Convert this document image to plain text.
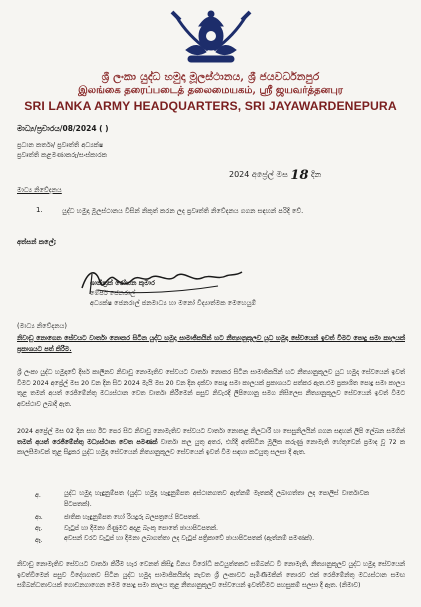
ශ්‍රී ලංකා යුද්ධ හමුදා මූලස්ථානය, ශ්‍රී ජයවර්ධනපුර
இலங்கை தரைப்படைத் தலைமையகம், ஸ்ரீ ஜயவர்த்தனபுர
SRI LANKA ARMY HEADQUARTERS, SRI JAYAWARDENEPURA
මාධ්‍ය/ප්‍රචාරය/08/2024 ( )
ප්‍රධාන කර්තෘ/ ප්‍රවෘත්ති අධ්‍යක්ෂ
ප්‍රවෘත්ති කළමණාකරු/සංස්කාරක
2024 අප්‍රේල් මස 18 දින
මාධ්‍ය නිවේදනය
1.	යුද්ධ හමුදා මූලස්ථානය විසින් නිකුත් කරන ලද ප්‍රවෘත්ති නිවේදනය ගගන සඳහන් පරිදි වේ.
අත්සන් කලේ;
ශාන්ත්‍රක් රෝහන කුමාර
මේජර් ජෙනරාල්
අධ්‍යක්ෂ ජෙනරාල් ජනමාධ්‍ය හා මනෝ විද්‍යාත්මක මෙහෙයුම්
(මාධ්‍ය නිවේදනය)
නිවාඩු නොගෙන සේවයට වාර්තා නොකර සිටින යුද්ධ හමුදා සාමාජිකයින් හට නීත්‍යානුකූලව යුධ හමුදා සේවයෙන් ඉවත් වීමට පොදු සමා කාලයක් ප්‍රකාශයට පත් කිරීම.
ශ්‍රී ලංකා යුද්ධ හමුදාවේ දීර්ඝ කාලීනව නිවාඩු නොමැතිව සේවයට වාර්තා නොකර සිටින සාමාජිකයින් හට නීත්‍යානුකූලව යුධ හමුදා සේවයෙන් ඉවත් වීමට 2024 අප්‍රේල් මස 20 වන දින සිට 2024 මැයි මස 20 වන දින දක්වා පොදු සමා කාලයක් ප්‍රකාශයට පත්කර ඇත.එම ප්‍රකාශිත පොදු සමා කාලය තුළ තමන් අයත් රෙජිමේන්තු මධ්‍යස්ථාන වෙත වාර්තා කිරීමෙන් පසුව නිවැරදි ලිපිගොනු සමග නිසිලෙස නීත්‍යානුකූලව සේවයෙන් ඉවත් වීමට අවස්ථාව ලබාදී ඇත.
2024 අප්‍රේල් මස 02 දින සහ ඊට පෙර සිට නිවාඩු නොමැතිව සේවයට වාර්තා නොකළ නිලධාරී හා සෙසුනිලයින් ගගන සඳහන් ලිපි ලේඛන සමගින් තමන් අයත් රෙජිමේන්තු මධ්‍යස්ථාන වෙත පමණක් වාර්තා කල යුතු අතර, එහිදී අත්සිටින මූලික කරුණු නොමැති හේතුවෙන් ප්‍රමාද වූ 72 ක කාලසීමාවක් තුළ සිදුකර යුද්ධ හමුදා සේවයෙන් නිත්‍යානුකූලව සේවයෙන් ඉවත් වීම සඳහා කටයුතු සලසා දී ඇත.
අ.	යුද්ධ හමුදා හැඳුනුම්පත (යුද්ධ හමුදා හැඳුනුම්පත අස්ථානගතව ඇත්නම් මෑතකදී ලබාගත්තා ලද පොලිස් වාර්තාවක පිටපතක්).
ආ.	ජාතික හැඳුනුම්පත හෝ රියදුරු බලපත්‍රයේ පිටපතක්.
ඇ.	වැටුප් හා දීමනා ගිණුමට අදාළ බැංකු පොතේ ඡායාපිටපතක්.
ඈ.	අවසන් වරට වැටුප් හා දීමනා ලබාගත්තා ලද වැටුප් පත්‍රිකාවේ ඡායාපිටපතක් (ඇත්නම් පමණක්).
නිවාඩු නොමැතිව සේවයට වාර්තා කිරීම හැර වෙනත් කිසිදු විනය විරෝධී කටයුත්තකට සම්බන්ධ වී නොමැති, නීත්‍යානුකූලව යුද්ධ හමුදා සේවයෙන් ඉවත්වීමෙන් පසුව විදේශගතව සිටින යුද්ධ හමුදා සාමාජිකයින්ද නැවත ශ්‍රී ලංකාවට පැමිණීමකින් තොරව එක් රෙජිමේන්තු මධ්‍යස්ථාන සමඟ සම්බන්ධතාවයක් ගොඩනගාගෙන මෙම පොදු සමා කාලය තුළ නීත්‍යානුකූලව සේවයෙන් ඉවත්වීමට පහසුකම් සලසා දී ඇත. (නිමාව)
